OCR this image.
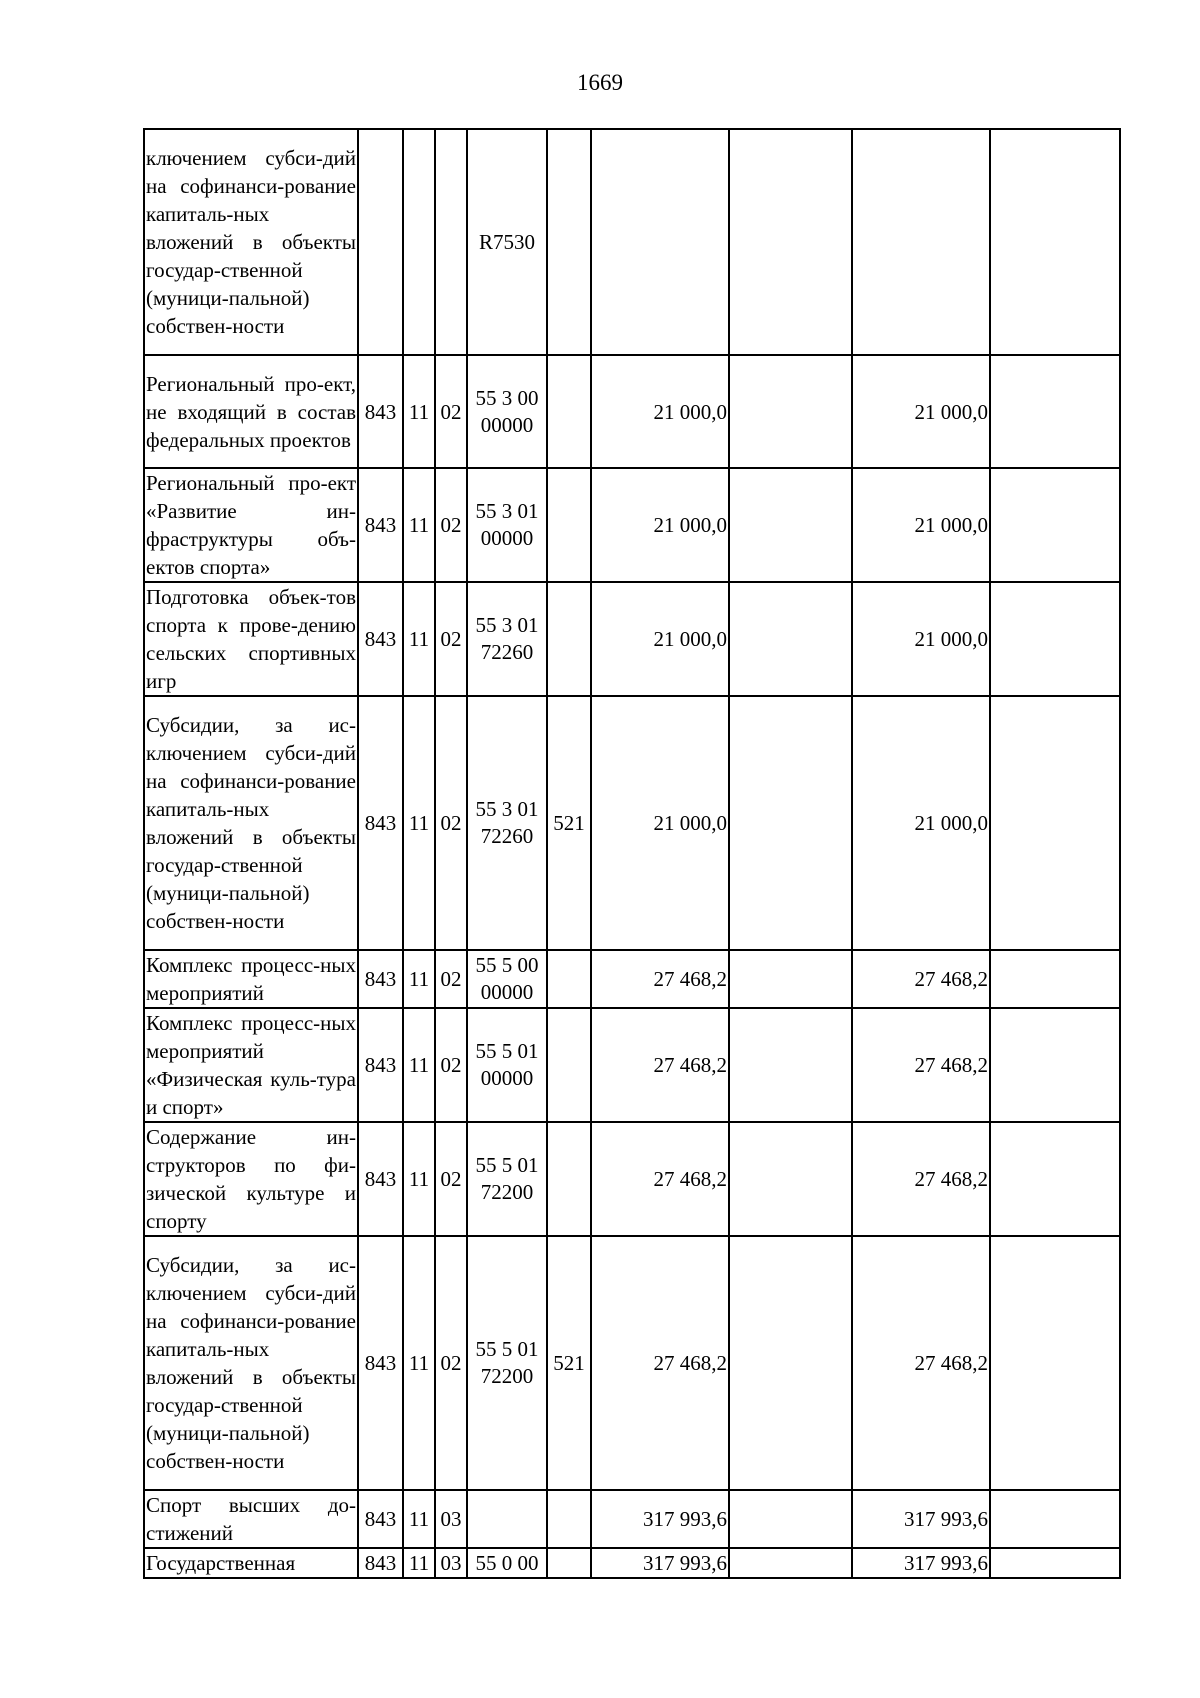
1669
ключением субси-дий на софинанси-рование капиталь-ных вложений в объекты государ-ственной (муници-пальной) собствен-ности				R7530					
Региональный про-ект, не входящий в состав федеральных проектов	843	11	02	55 3 00 00000		21 000,0		21 000,0	
Региональный про-ект «Развитие ин-фраструктуры объ-ектов спорта»	843	11	02	55 3 01 00000		21 000,0		21 000,0	
Подготовка объек-тов спорта к прове-дению сельских спортивных игр	843	11	02	55 3 01 72260		21 000,0		21 000,0	
Субсидии, за ис-ключением субси-дий на софинанси-рование капиталь-ных вложений в объекты государ-ственной (муници-пальной) собствен-ности	843	11	02	55 3 01 72260	521	21 000,0		21 000,0	
Комплекс процесс-ных мероприятий	843	11	02	55 5 00 00000		27 468,2		27 468,2	
Комплекс процесс-ных мероприятий «Физическая куль-тура и спорт»	843	11	02	55 5 01 00000		27 468,2		27 468,2	
Содержание ин-структоров по фи-зической культуре и спорту	843	11	02	55 5 01 72200		27 468,2		27 468,2	
Субсидии, за ис-ключением субси-дий на софинанси-рование капиталь-ных вложений в объекты государ-ственной (муници-пальной) собствен-ности	843	11	02	55 5 01 72200	521	27 468,2		27 468,2	
Спорт высших до-стижений	843	11	03			317 993,6		317 993,6	
Государственная	843	11	03	55 0 00		317 993,6		317 993,6	
